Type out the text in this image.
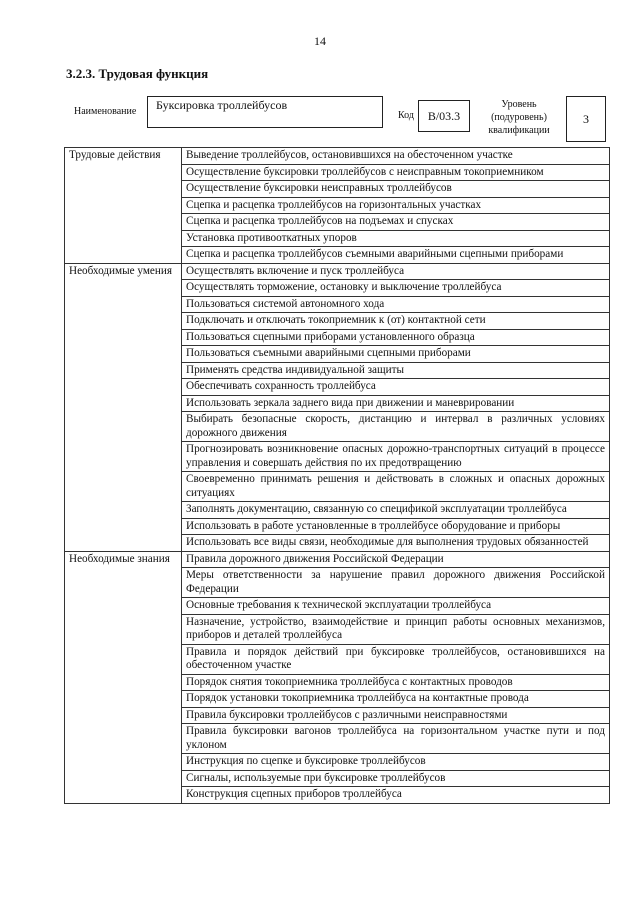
14
3.2.3. Трудовая функция
Наименование	Буксировка троллейбусов
Код	В/03.3
Уровень (подуровень) квалификации
3
Трудовые действия	Выведение троллейбусов, остановившихся на обесточенном участке
	Осуществление буксировки троллейбусов с неисправным токоприемником
	Осуществление буксировки неисправных троллейбусов
	Сцепка и расцепка троллейбусов на горизонтальных участках
	Сцепка и расцепка троллейбусов на подъемах и спусках
	Установка противооткатных упоров
	Сцепка и расцепка троллейбусов съемными аварийными сцепными приборами
Необходимые умения	Осуществлять включение и пуск троллейбуса
	Осуществлять торможение, остановку и выключение троллейбуса
	Пользоваться системой автономного хода
	Подключать и отключать токоприемник к (от) контактной сети
	Пользоваться сцепными приборами установленного образца
	Пользоваться съемными аварийными сцепными приборами
	Применять средства индивидуальной защиты
	Обеспечивать сохранность троллейбуса
	Использовать зеркала заднего вида при движении и маневрировании
	Выбирать безопасные скорость, дистанцию и интервал в различных условиях дорожного движения
	Прогнозировать возникновение опасных дорожно-транспортных ситуаций в процессе управления и совершать действия по их предотвращению
	Своевременно принимать решения и действовать в сложных и опасных дорожных ситуациях
	Заполнять документацию, связанную со спецификой эксплуатации троллейбуса
	Использовать в работе установленные в троллейбусе оборудование и приборы
	Использовать все виды связи, необходимые для выполнения трудовых обязанностей
Необходимые знания	Правила дорожного движения Российской Федерации
	Меры ответственности за нарушение правил дорожного движения Российской Федерации
	Основные требования к технической эксплуатации троллейбуса
	Назначение, устройство, взаимодействие и принцип работы основных механизмов, приборов и деталей троллейбуса
	Правила и порядок действий при буксировке троллейбусов, остановившихся на обесточенном участке
	Порядок снятия токоприемника троллейбуса с контактных проводов
	Порядок установки токоприемника троллейбуса на контактные провода
	Правила буксировки троллейбусов с различными неисправностями
	Правила буксировки вагонов троллейбуса на горизонтальном участке пути и под уклоном
	Инструкция по сцепке и буксировке троллейбусов
	Сигналы, используемые при буксировке троллейбусов
	Конструкция сцепных приборов троллейбуса
